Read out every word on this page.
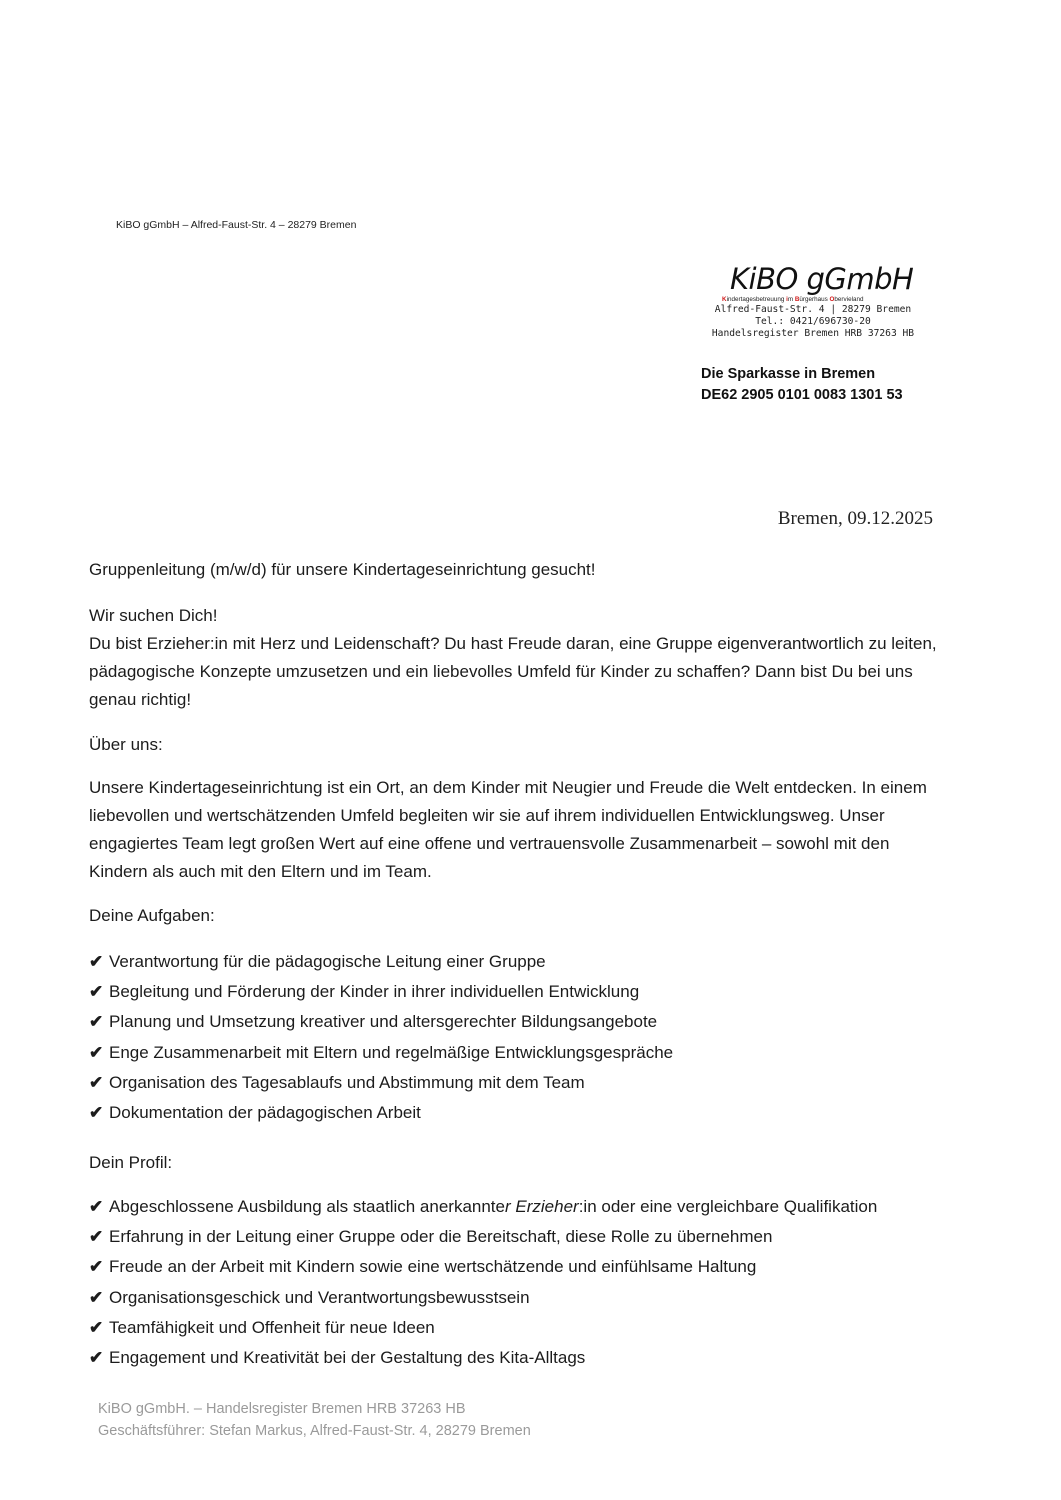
KiBO gGmbH – Alfred-Faust-Str. 4 – 28279 Bremen
KiBO gGmbH
Kindertagesbetreuung im Bürgerhaus Obervieland
Alfred-Faust-Str. 4 | 28279 Bremen
Tel.: 0421/696730-20
Handelsregister Bremen HRB 37263 HB
Die Sparkasse in Bremen
DE62 2905 0101 0083 1301 53
Bremen, 09.12.2025

Gruppenleitung (m/w/d) für unsere Kindertageseinrichtung gesucht!

Wir suchen Dich!

Du bist Erzieher:in mit Herz und Leidenschaft? Du hast Freude daran, eine Gruppe eigenverantwortlich zu leiten, pädagogische Konzepte umzusetzen und ein liebevolles Umfeld für Kinder zu schaffen? Dann bist Du bei uns genau richtig!

Über uns:

Unsere Kindertageseinrichtung ist ein Ort, an dem Kinder mit Neugier und Freude die Welt entdecken. In einem liebevollen und wertschätzenden Umfeld begleiten wir sie auf ihrem individuellen Entwicklungsweg. Unser engagiertes Team legt großen Wert auf eine offene und vertrauensvolle Zusammenarbeit – sowohl mit den Kindern als auch mit den Eltern und im Team.

Deine Aufgaben:

✔ Verantwortung für die pädagogische Leitung einer Gruppe
✔ Begleitung und Förderung der Kinder in ihrer individuellen Entwicklung
✔ Planung und Umsetzung kreativer und altersgerechter Bildungsangebote
✔ Enge Zusammenarbeit mit Eltern und regelmäßige Entwicklungsgespräche
✔ Organisation des Tagesablaufs und Abstimmung mit dem Team
✔ Dokumentation der pädagogischen Arbeit

Dein Profil:

✔ Abgeschlossene Ausbildung als staatlich anerkannter Erzieher:in oder eine vergleichbare Qualifikation
✔ Erfahrung in der Leitung einer Gruppe oder die Bereitschaft, diese Rolle zu übernehmen
✔ Freude an der Arbeit mit Kindern sowie eine wertschätzende und einfühlsame Haltung
✔ Organisationsgeschick und Verantwortungsbewusstsein
✔ Teamfähigkeit und Offenheit für neue Ideen
✔ Engagement und Kreativität bei der Gestaltung des Kita-Alltags
KiBO gGmbH. – Handelsregister Bremen HRB 37263 HB
Geschäftsführer: Stefan Markus, Alfred-Faust-Str. 4, 28279 Bremen
